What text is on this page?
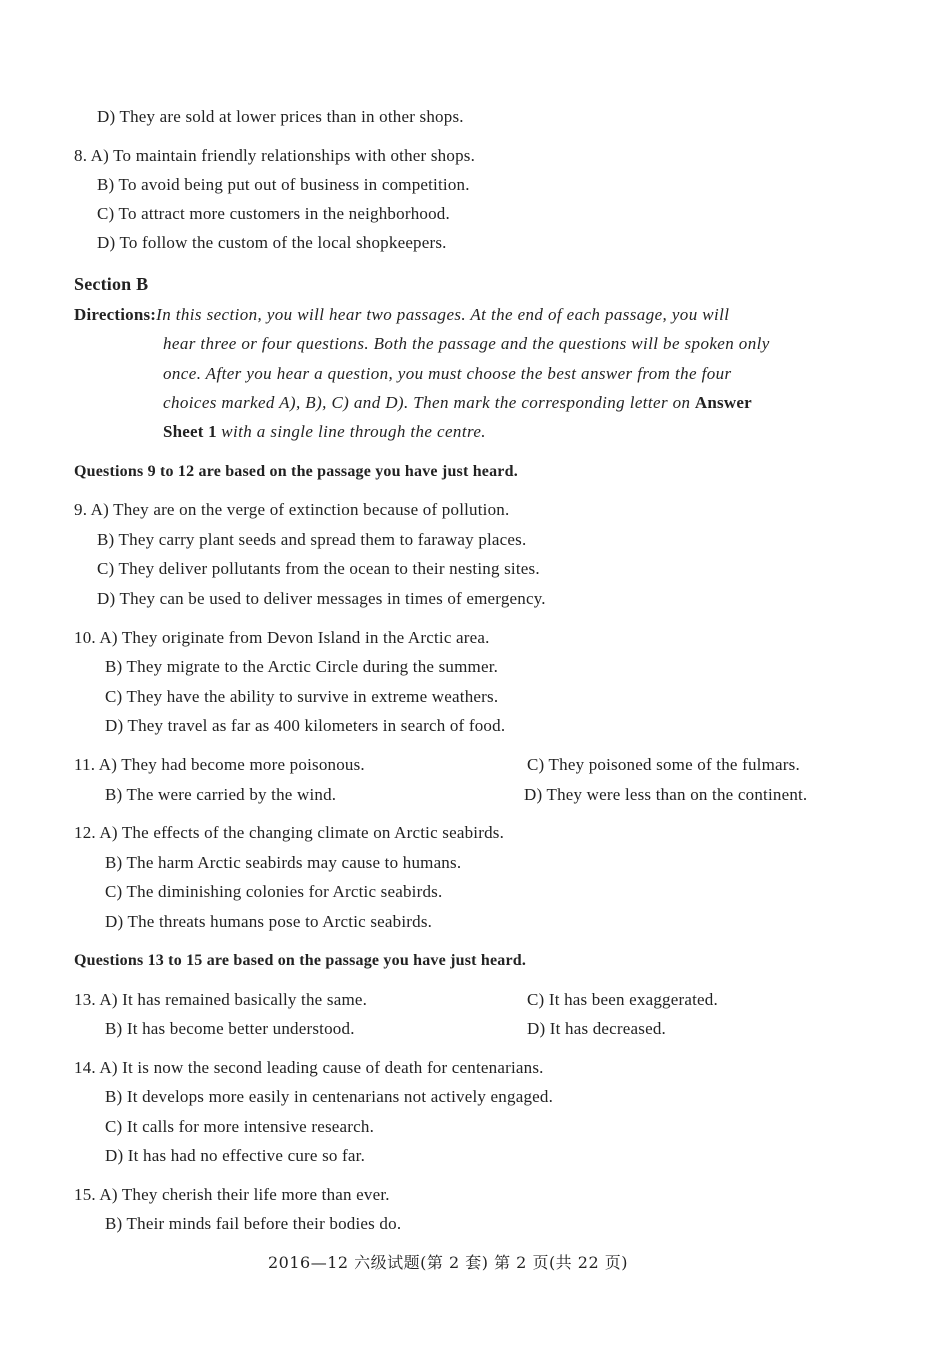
D) They are sold at lower prices than in other shops.
8. A) To maintain friendly relationships with other shops.
B) To avoid being put out of business in competition.
C) To attract more customers in the neighborhood.
D) To follow the custom of the local shopkeepers.
Section B
Directions:In this section, you will hear two passages. At the end of each passage, you will
hear three or four questions. Both the passage and the questions will be spoken only
once. After you hear a question, you must choose the best answer from the four
choices marked A), B), C) and D). Then mark the corresponding letter on Answer
Sheet 1 with a single line through the centre.
Questions 9 to 12 are based on the passage you have just heard.
9. A) They are on the verge of extinction because of pollution.
B) They carry plant seeds and spread them to faraway places.
C) They deliver pollutants from the ocean to their nesting sites.
D) They can be used to deliver messages in times of emergency.
10. A) They originate from Devon Island in the Arctic area.
B) They migrate to the Arctic Circle during the summer.
C) They have the ability to survive in extreme weathers.
D) They travel as far as 400 kilometers in search of food.
11. A) They had become more poisonous.	C) They poisoned some of the fulmars.
B) The were carried by the wind.	D) They were less than on the continent.
12. A) The effects of the changing climate on Arctic seabirds.
B) The harm Arctic seabirds may cause to humans.
C) The diminishing colonies for Arctic seabirds.
D) The threats humans pose to Arctic seabirds.
Questions 13 to 15 are based on the passage you have just heard.
13. A) It has remained basically the same.	C) It has been exaggerated.
B) It has become better understood.	D) It has decreased.
14. A) It is now the second leading cause of death for centenarians.
B) It develops more easily in centenarians not actively engaged.
C) It calls for more intensive research.
D) It has had no effective cure so far.
15. A) They cherish their life more than ever.
B) Their minds fail before their bodies do.
2016—12 六级试题(第 2 套) 第 2 页(共 22 页)
